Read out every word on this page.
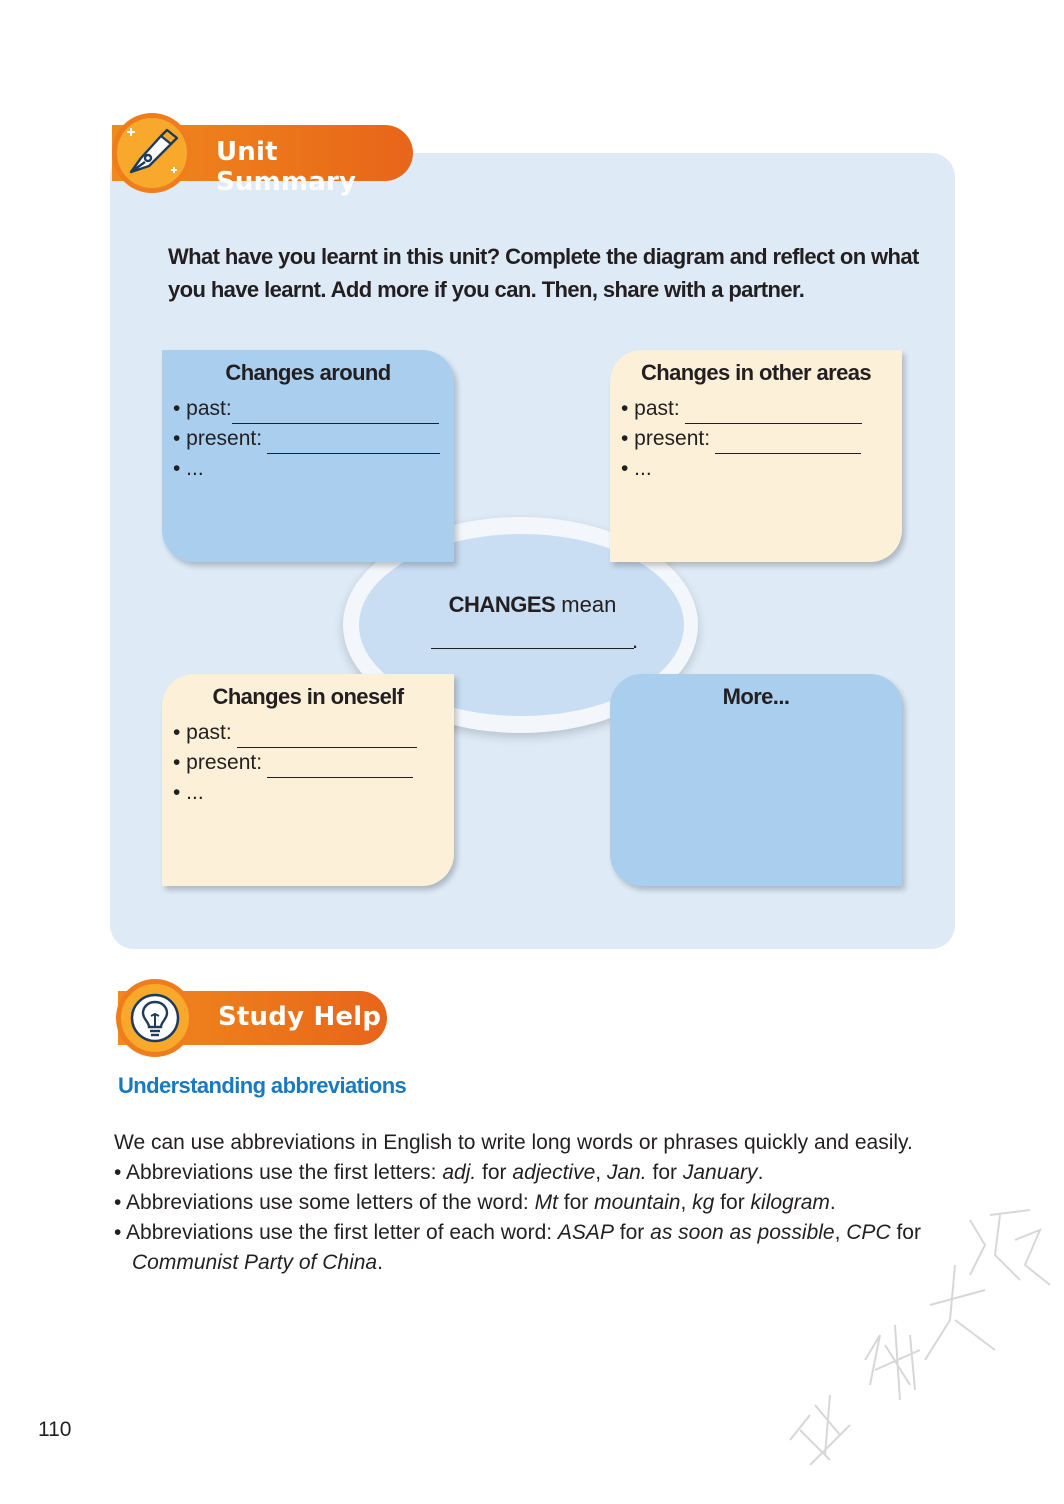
Unit Summary
What have you learnt in this unit? Complete the diagram and reflect on what you have learnt. Add more if you can. Then, share with a partner.
Changes around
• past:
• present:
• ...
Changes in other areas
• past:
• present:
• ...
Changes in oneself
• past:
• present:
• ...
More...
CHANGES mean
.
Study Help
Understanding abbreviations

We can use abbreviations in English to write long words or phrases quickly and easily.

• Abbreviations use the first letters: adj. for adjective, Jan. for January.

• Abbreviations use some letters of the word: Mt for mountain, kg for kilogram.

• Abbreviations use the first letter of each word: ASAP for as soon as possible, CPC for Communist Party of China.

110
